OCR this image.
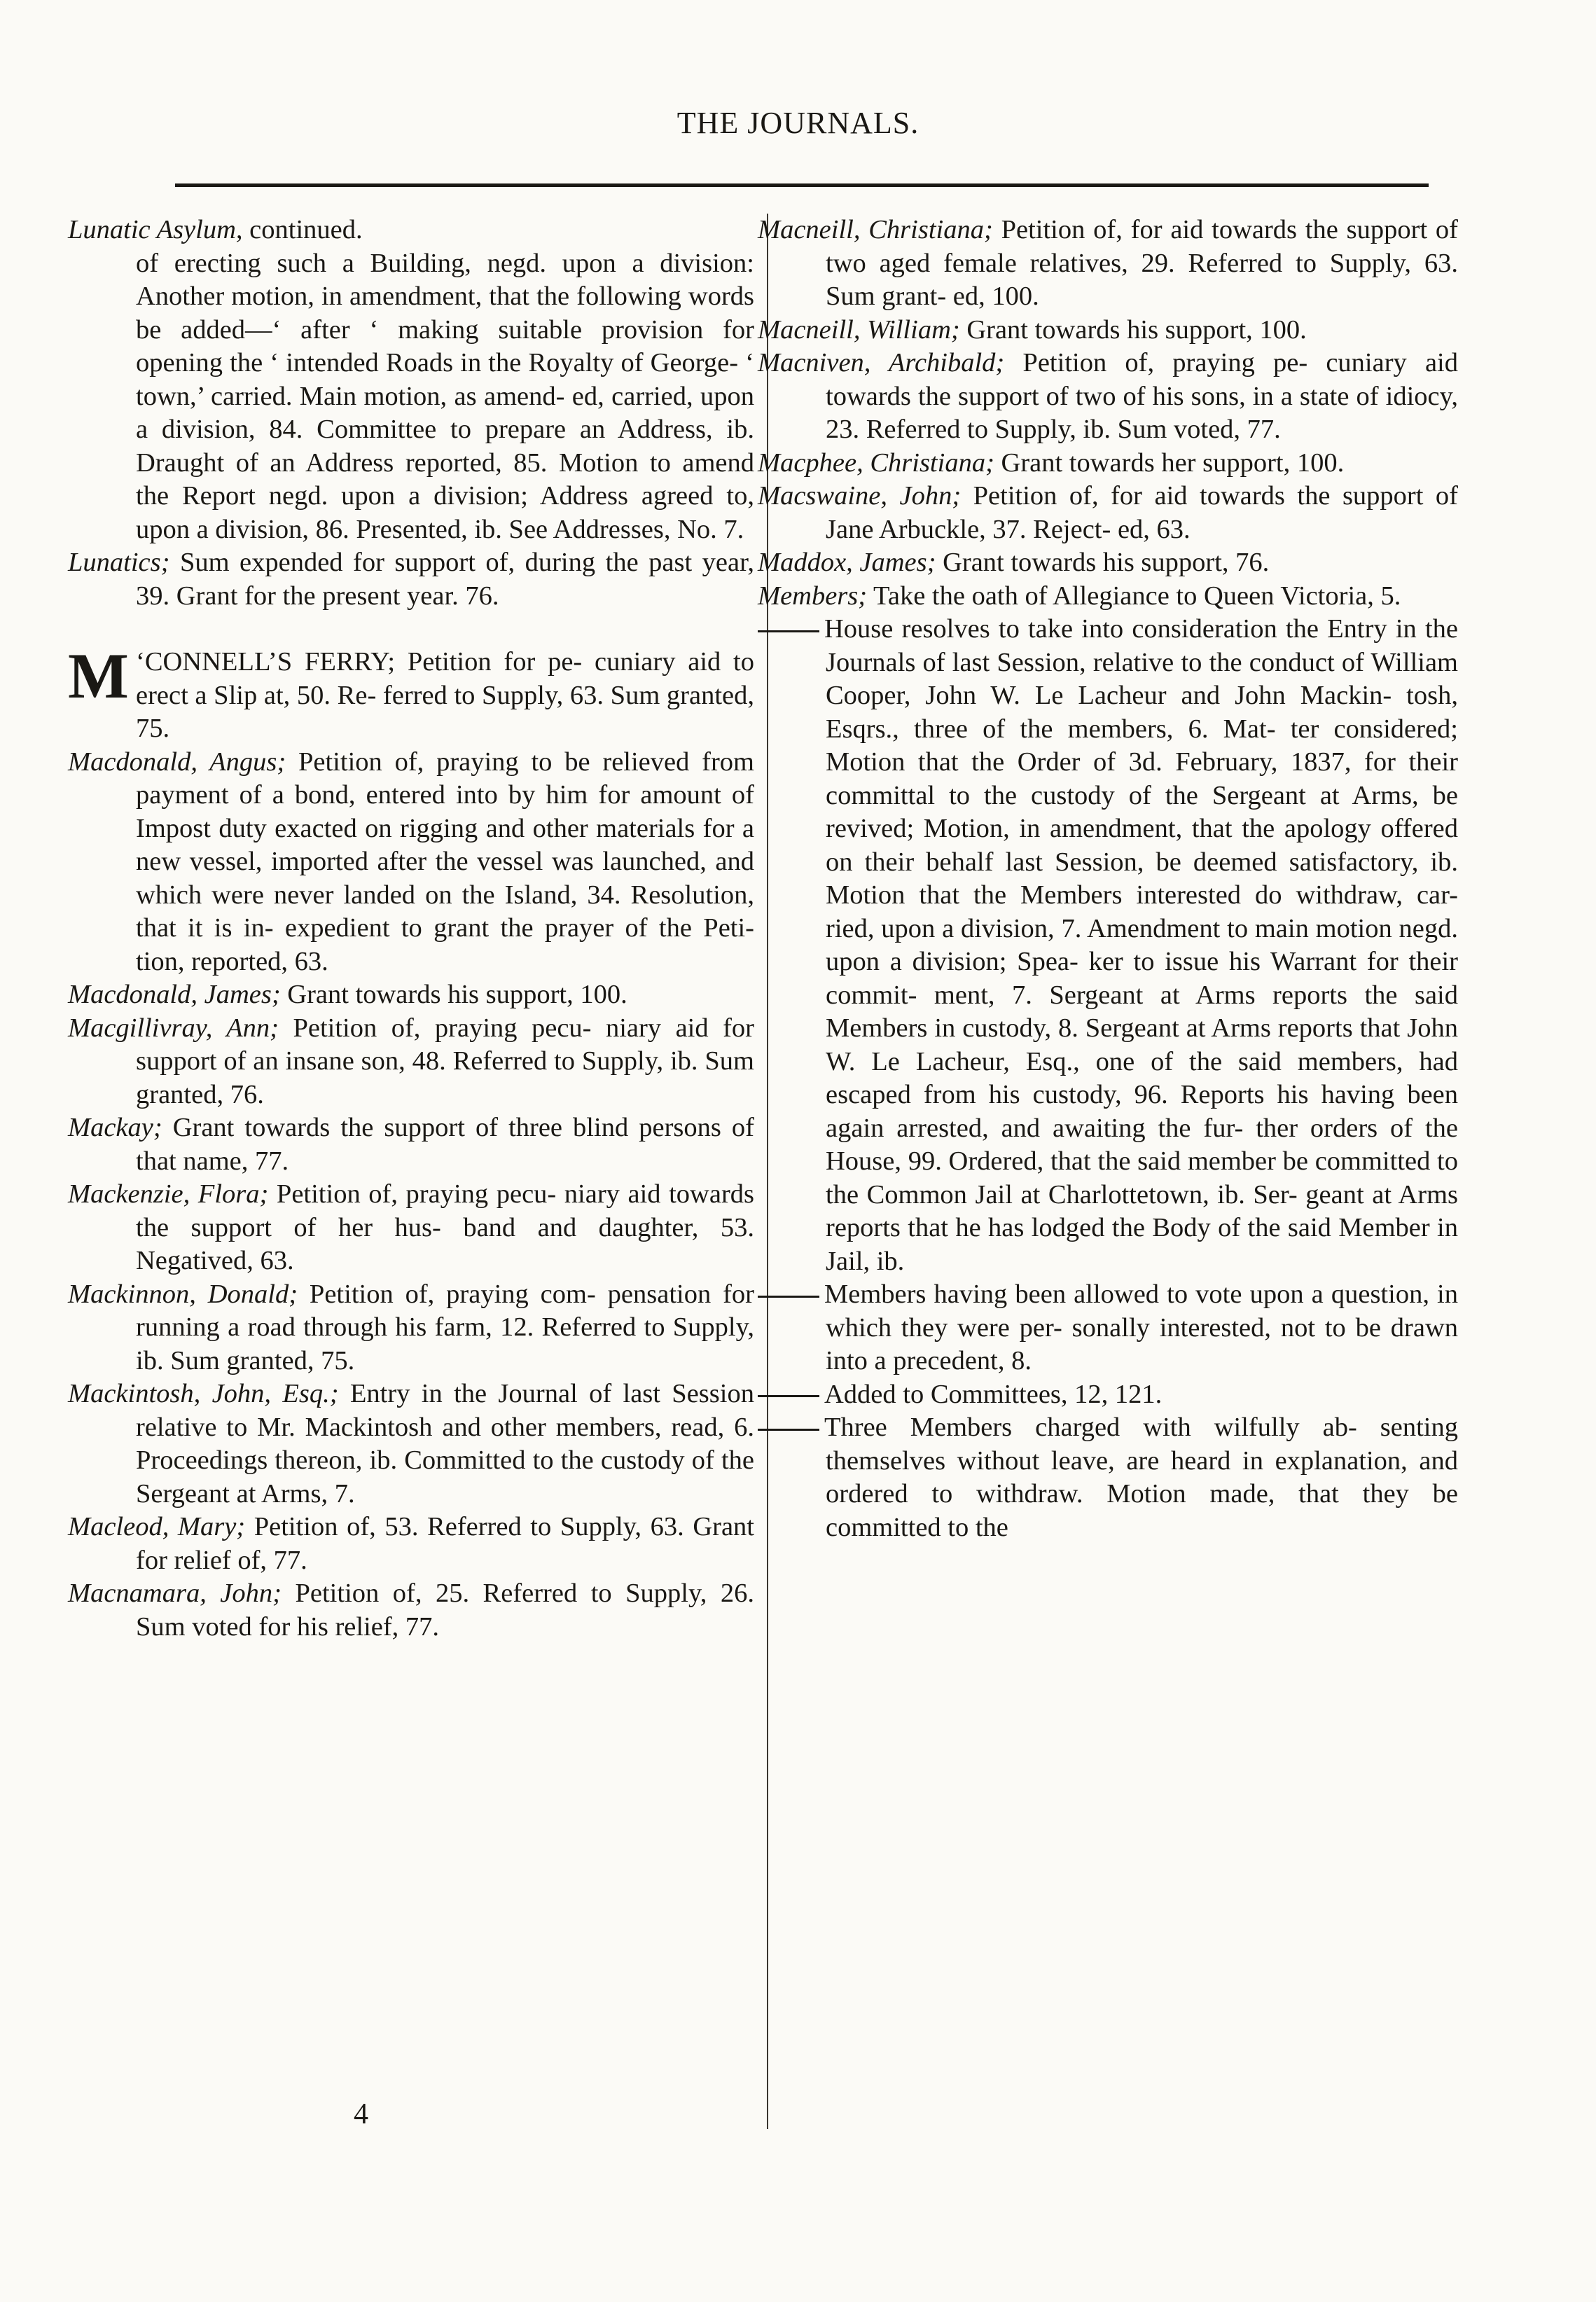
THE JOURNALS.

Lunatic Asylum, continued.

of erecting such a Building, negd. upon a division: Another motion, in amendment, that the following words be added—‘ after ‘ making suitable provision for opening the ‘ intended Roads in the Royalty of George- ‘ town,’ carried. Main motion, as amend- ed, carried, upon a division, 84. Committee to prepare an Address, ib. Draught of an Address reported, 85. Motion to amend the Report negd. upon a division; Address agreed to, upon a division, 86. Presented, ib. See Addresses, No. 7.

Lunatics; Sum expended for support of, during the past year, 39. Grant for the present year. 76.

M ‘CONNELL’S FERRY; Petition for pe- cuniary aid to erect a Slip at, 50. Re- ferred to Supply, 63. Sum granted, 75.

Macdonald, Angus; Petition of, praying to be relieved from payment of a bond, entered into by him for amount of Impost duty exacted on rigging and other materials for a new vessel, imported after the vessel was launched, and which were never landed on the Island, 34. Resolution, that it is in- expedient to grant the prayer of the Peti- tion, reported, 63.

Macdonald, James; Grant towards his support, 100.

Macgillivray, Ann; Petition of, praying pecu- niary aid for support of an insane son, 48. Referred to Supply, ib. Sum granted, 76.

Mackay; Grant towards the support of three blind persons of that name, 77.

Mackenzie, Flora; Petition of, praying pecu- niary aid towards the support of her hus- band and daughter, 53. Negatived, 63.

Mackinnon, Donald; Petition of, praying com- pensation for running a road through his farm, 12. Referred to Supply, ib. Sum granted, 75.

Mackintosh, John, Esq.; Entry in the Journal of last Session relative to Mr. Mackintosh and other members, read, 6. Proceedings thereon, ib. Committed to the custody of the Sergeant at Arms, 7.

Macleod, Mary; Petition of, 53. Referred to Supply, 63. Grant for relief of, 77.

Macnamara, John; Petition of, 25. Referred to Supply, 26. Sum voted for his relief, 77.

Macneill, Christiana; Petition of, for aid towards the support of two aged female relatives, 29. Referred to Supply, 63. Sum grant- ed, 100.

Macneill, William; Grant towards his support, 100.

Macniven, Archibald; Petition of, praying pe- cuniary aid towards the support of two of his sons, in a state of idiocy, 23. Referred to Supply, ib. Sum voted, 77.

Macphee, Christiana; Grant towards her support, 100.

Macswaine, John; Petition of, for aid towards the support of Jane Arbuckle, 37. Reject- ed, 63.

Maddox, James; Grant towards his support, 76.

Members; Take the oath of Allegiance to Queen Victoria, 5.

House resolves to take into consideration the Entry in the Journals of last Session, relative to the conduct of William Cooper, John W. Le Lacheur and John Mackin- tosh, Esqrs., three of the members, 6. Mat- ter considered; Motion that the Order of 3d. February, 1837, for their committal to the custody of the Sergeant at Arms, be revived; Motion, in amendment, that the apology offered on their behalf last Session, be deemed satisfactory, ib. Motion that the Members interested do withdraw, car- ried, upon a division, 7. Amendment to main motion negd. upon a division; Spea- ker to issue his Warrant for their commit- ment, 7. Sergeant at Arms reports the said Members in custody, 8. Sergeant at Arms reports that John W. Le Lacheur, Esq., one of the said members, had escaped from his custody, 96. Reports his having been again arrested, and awaiting the fur- ther orders of the House, 99. Ordered, that the said member be committed to the Common Jail at Charlottetown, ib. Ser- geant at Arms reports that he has lodged the Body of the said Member in Jail, ib.

Members having been allowed to vote upon a question, in which they were per- sonally interested, not to be drawn into a precedent, 8.

Added to Committees, 12, 121.

Three Members charged with wilfully ab- senting themselves without leave, are heard in explanation, and ordered to withdraw. Motion made, that they be committed to the

4
